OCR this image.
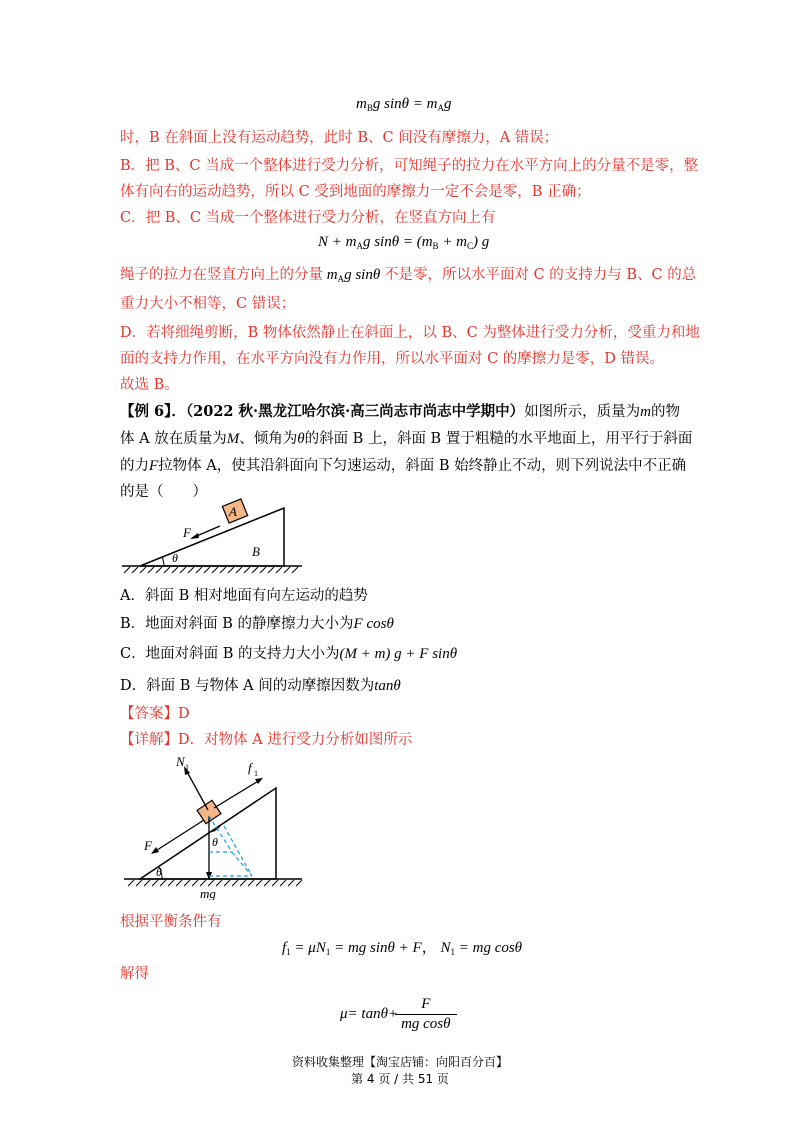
$m_Bg$ $\sin\theta = m_Ag$
时，B 在斜面上没有运动趋势，此时 B、C 间没有摩擦力，A 错误；
B．把 B、C 当成一个整体进行受力分析，可知绳子的拉力在水平方向上的分量不是零，整
体有向右的运动趋势，所以 C 受到地面的摩擦力一定不会是零，B 正确；
C．把 B、C 当成一个整体进行受力分析，在竖直方向上有
$N + m_Ag$ $\sin\theta = (m_B + m_C)$ g
绳子的拉力在竖直方向上的分量 $m_Ag$ sinθ 不是零，所以水平面对 C 的支持力与 B、C 的总
重力大小不相等，C 错误；
D．若将细绳剪断，B 物体依然静止在斜面上，以 B、C 为整体进行受力分析，受重力和地
面的支持力作用，在水平方向没有力作用，所以水平面对 C 的摩擦力是零，D 错误。
故选 B。
【例 6】．（2022 秋·黑龙江哈尔滨·高三尚志市尚志中学期中）如图所示，质量为m的物
体 A 放在质量为M、倾角为θ的斜面 B 上，斜面 B 置于粗糙的水平地面上，用平行于斜面
的力F拉物体 A，使其沿斜面向下匀速运动，斜面 B 始终静止不动，则下列说法中不正确
的是（　　）
A
F
B
θ
A．斜面 B 相对地面有向左运动的趋势
B．地面对斜面 B 的静摩擦力大小为F cosθ
C．地面对斜面 B 的支持力大小为(M + m) g + F sinθ
D．斜面 B 与物体 A 间的动摩擦因数为tanθ
【答案】D
【详解】D．对物体 A 进行受力分析如图所示
N 1	f 1
F
θ
θ
mg
根据平衡条件有
$f_1 = \mu N_1$ = mg sinθ + F， $N_1$ = mg cosθ
解得
$\mu= \tan\theta+ \frac{F}{\text{mg cosθ}}$
资料收集整理【淘宝店铺：向阳百分百】
第 4 页 / 共 51 页
